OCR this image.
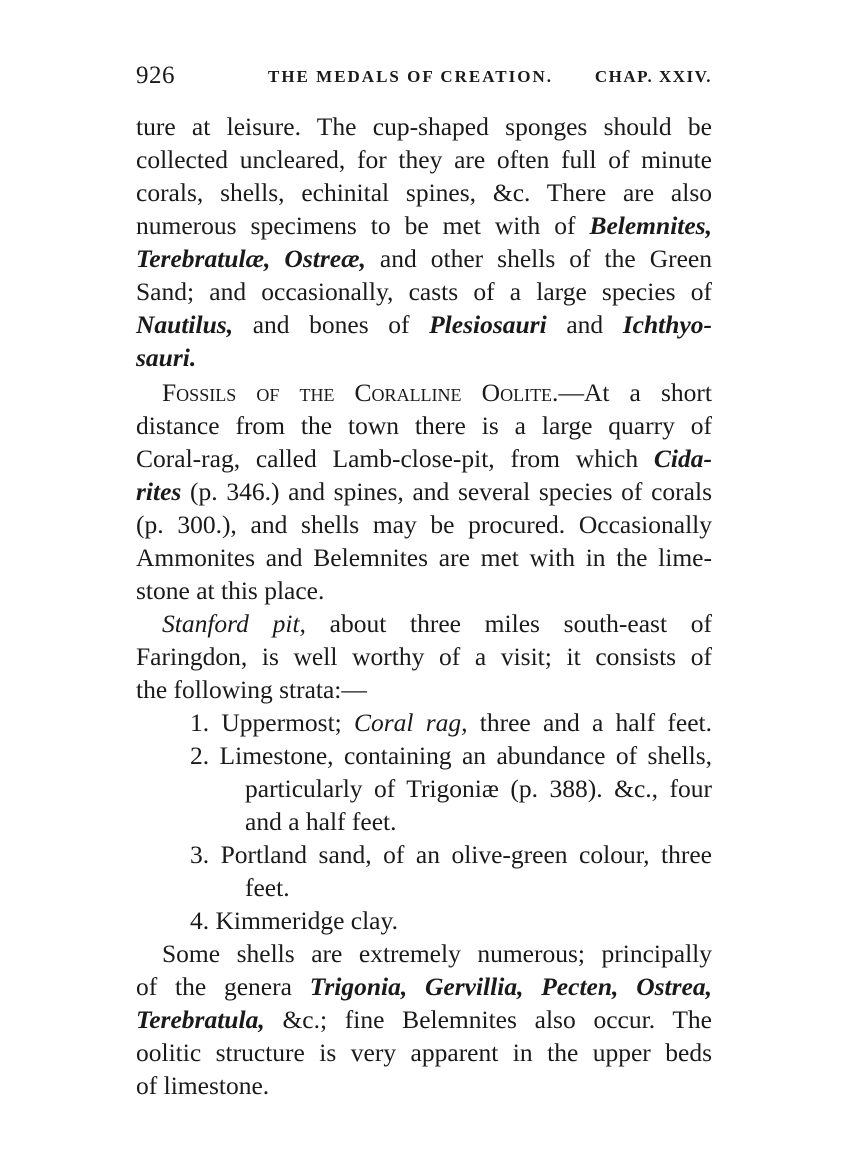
926	THE MEDALS OF CREATION. CHAP. XXIV.
ture at leisure. The cup-shaped sponges should be
collected uncleared, for they are often full of minute
corals, shells, echinital spines, &c. There are also
numerous specimens to be met with of Belemnites,
Terebratulæ, Ostreæ, and other shells of the Green
Sand; and occasionally, casts of a large species of
Nautilus, and bones of Plesiosauri and Ichthyo-
sauri.
Fossils of the Coralline Oolite.—At a short
distance from the town there is a large quarry of
Coral-rag, called Lamb-close-pit, from which Cida-
rites (p. 346.) and spines, and several species of corals
(p. 300.), and shells may be procured. Occasionally
Ammonites and Belemnites are met with in the lime-
stone at this place.
Stanford pit, about three miles south-east of
Faringdon, is well worthy of a visit; it consists of
the following strata:—
1. Uppermost; Coral rag, three and a half feet.
2. Limestone, containing an abundance of shells,
particularly of Trigoniæ (p. 388). &c., four
and a half feet.
3. Portland sand, of an olive-green colour, three
feet.
4. Kimmeridge clay.
Some shells are extremely numerous; principally
of the genera Trigonia, Gervillia, Pecten, Ostrea,
Terebratula, &c.; fine Belemnites also occur. The
oolitic structure is very apparent in the upper beds
of limestone.
